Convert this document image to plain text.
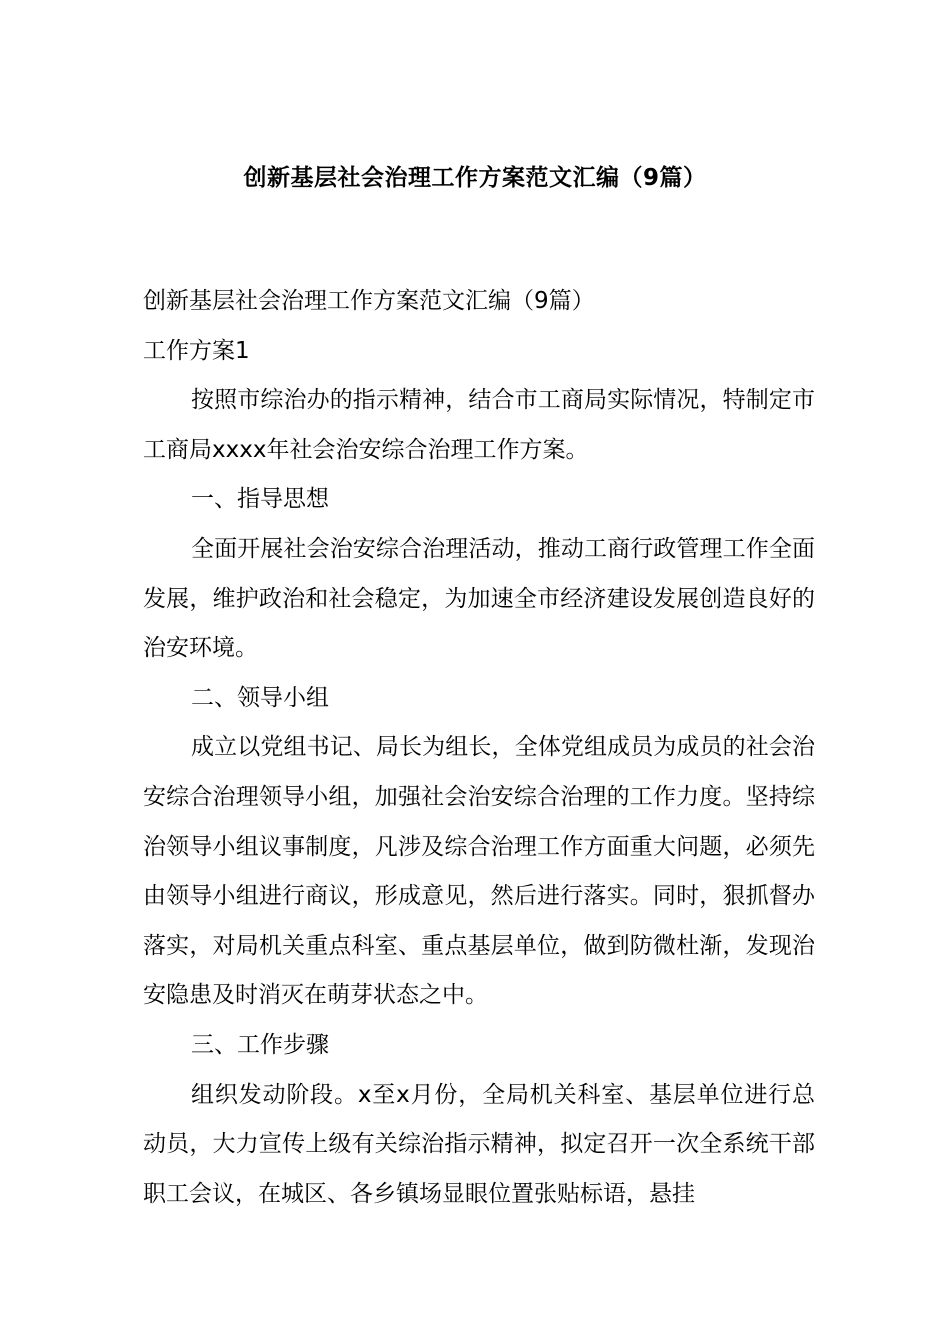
创新基层社会治理工作方案范文汇编（9篇）

创新基层社会治理工作方案范文汇编（9篇）

工作方案1

按照市综治办的指示精神，结合市工商局实际情况，特制定市工商局xxxx年社会治安综合治理工作方案。

一、指导思想

全面开展社会治安综合治理活动，推动工商行政管理工作全面发展，维护政治和社会稳定，为加速全市经济建设发展创造良好的治安环境。

二、领导小组

成立以党组书记、局长为组长，全体党组成员为成员的社会治安综合治理领导小组，加强社会治安综合治理的工作力度。坚持综治领导小组议事制度，凡涉及综合治理工作方面重大问题，必须先由领导小组进行商议，形成意见，然后进行落实。同时，狠抓督办落实，对局机关重点科室、重点基层单位，做到防微杜渐，发现治安隐患及时消灭在萌芽状态之中。

三、工作步骤

组织发动阶段。x至x月份，全局机关科室、基层单位进行总动员，大力宣传上级有关综治指示精神，拟定召开一次全系统干部职工会议，在城区、各乡镇场显眼位置张贴标语，悬挂
